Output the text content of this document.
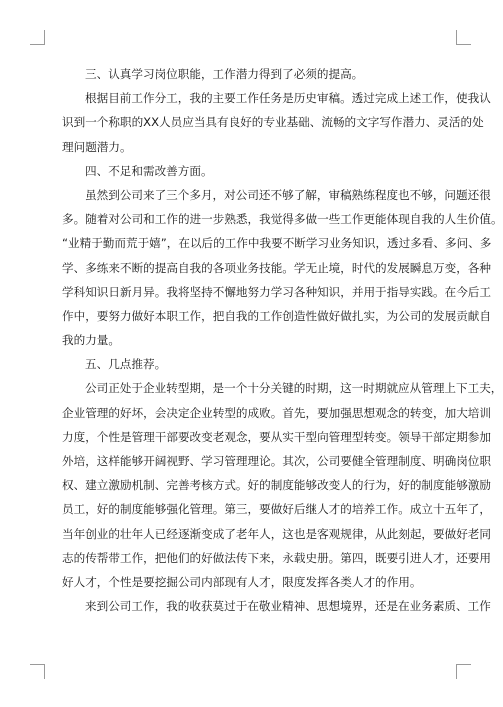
三、认真学习岗位职能，工作潜力得到了必须的提高。
根据目前工作分工，我的主要工作任务是历史审稿。透过完成上述工作，使我认
识到一个称职的XX人员应当具有良好的专业基础、流畅的文字写作潜力、灵活的处
理问题潜力。
四、不足和需改善方面。
虽然到公司来了三个多月，对公司还不够了解，审稿熟练程度也不够，问题还很
多。随着对公司和工作的进一步熟悉，我觉得多做一些工作更能体现自我的人生价值。
“业精于勤而荒于嬉”，在以后的工作中我要不断学习业务知识，透过多看、多问、多
学、多练来不断的提高自我的各项业务技能。学无止境，时代的发展瞬息万变，各种
学科知识日新月异。我将坚持不懈地努力学习各种知识，并用于指导实践。在今后工
作中，要努力做好本职工作，把自我的工作创造性做好做扎实，为公司的发展贡献自
我的力量。
五、几点推荐。
公司正处于企业转型期，是一个十分关键的时期，这一时期就应从管理上下工夫，
企业管理的好坏，会决定企业转型的成败。首先，要加强思想观念的转变，加大培训
力度，个性是管理干部要改变老观念，要从实干型向管理型转变。领导干部定期参加
外培，这样能够开阔视野、学习管理理论。其次，公司要健全管理制度、明确岗位职
权、建立激励机制、完善考核方式。好的制度能够改变人的行为，好的制度能够激励
员工，好的制度能够强化管理。第三，要做好后继人才的培养工作。成立十五年了，
当年创业的壮年人已经逐渐变成了老年人，这也是客观规律，从此刻起，要做好老同
志的传帮带工作，把他们的好做法传下来，永载史册。第四，既要引进人才，还要用
好人才，个性是要挖掘公司内部现有人才，限度发挥各类人才的作用。
来到公司工作，我的收获莫过于在敬业精神、思想境界，还是在业务素质、工作
